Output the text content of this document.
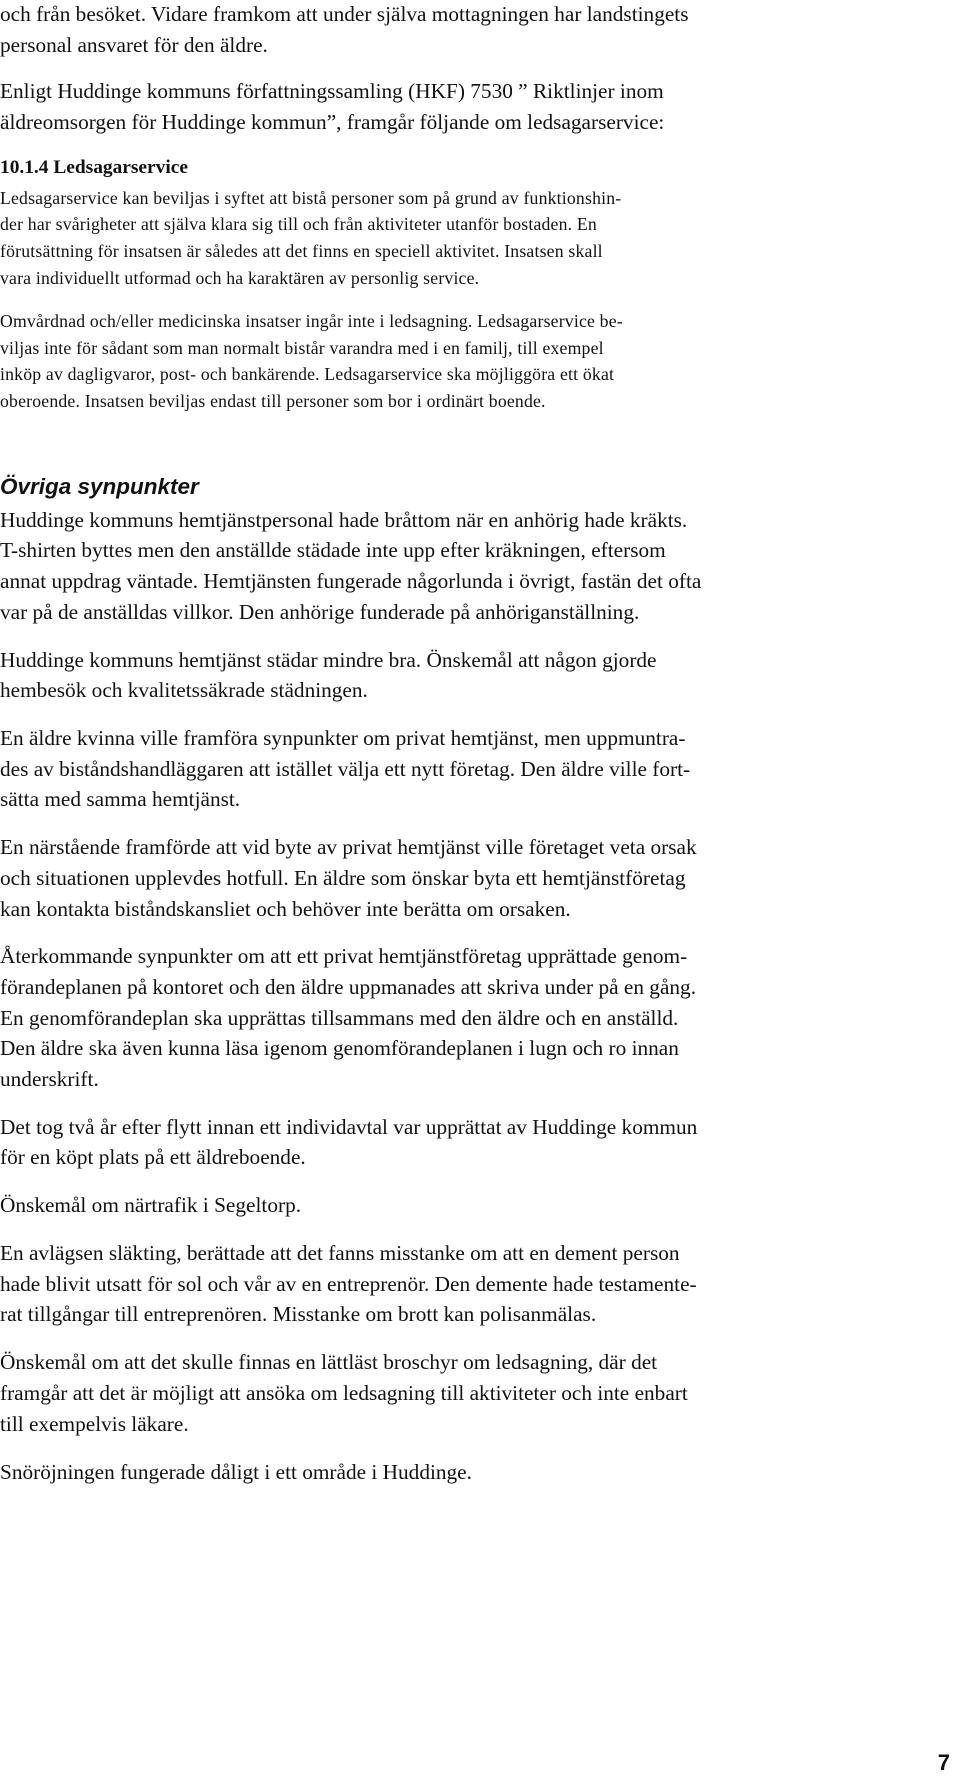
och från besöket. Vidare framkom att under själva mottagningen har landstingets
personal ansvaret för den äldre.
Enligt Huddinge kommuns författningssamling (HKF) 7530 ” Riktlinjer inom
äldreomsorgen för Huddinge kommun”, framgår följande om ledsagarservice:
10.1.4 Ledsagarservice
Ledsagarservice kan beviljas i syftet att bistå personer som på grund av funktionshin-
der har svårigheter att själva klara sig till och från aktiviteter utanför bostaden. En
förutsättning för insatsen är således att det finns en speciell aktivitet. Insatsen skall
vara individuellt utformad och ha karaktären av personlig service.
Omvårdnad och/eller medicinska insatser ingår inte i ledsagning. Ledsagarservice be-
viljas inte för sådant som man normalt bistår varandra med i en familj, till exempel
inköp av dagligvaror, post- och bankärende. Ledsagarservice ska möjliggöra ett ökat
oberoende. Insatsen beviljas endast till personer som bor i ordinärt boende.
Övriga synpunkter
Huddinge kommuns hemtjänstpersonal hade bråttom när en anhörig hade kräkts.
T-shirten byttes men den anställde städade inte upp efter kräkningen, eftersom
annat uppdrag väntade. Hemtjänsten fungerade någorlunda i övrigt, fastän det ofta
var på de anställdas villkor. Den anhörige funderade på anhöriganställning.
Huddinge kommuns hemtjänst städar mindre bra. Önskemål att någon gjorde
hembesök och kvalitetssäkrade städningen.
En äldre kvinna ville framföra synpunkter om privat hemtjänst, men uppmuntra-
des av biståndshandläggaren att istället välja ett nytt företag. Den äldre ville fort-
sätta med samma hemtjänst.
En närstående framförde att vid byte av privat hemtjänst ville företaget veta orsak
och situationen upplevdes hotfull. En äldre som önskar byta ett hemtjänstföretag
kan kontakta biståndskansliet och behöver inte berätta om orsaken.
Återkommande synpunkter om att ett privat hemtjänstföretag upprättade genom-
förandeplanen på kontoret och den äldre uppmanades att skriva under på en gång.
En genomförandeplan ska upprättas tillsammans med den äldre och en anställd.
Den äldre ska även kunna läsa igenom genomförandeplanen i lugn och ro innan
underskrift.
Det tog två år efter flytt innan ett individavtal var upprättat av Huddinge kommun
för en köpt plats på ett äldreboende.
Önskemål om närtrafik i Segeltorp.
En avlägsen släkting, berättade att det fanns misstanke om att en dement person
hade blivit utsatt för sol och vår av en entreprenör. Den demente hade testamente-
rat tillgångar till entreprenören. Misstanke om brott kan polisanmälas.
Önskemål om att det skulle finnas en lättläst broschyr om ledsagning, där det
framgår att det är möjligt att ansöka om ledsagning till aktiviteter och inte enbart
till exempelvis läkare.
Snöröjningen fungerade dåligt i ett område i Huddinge.
7
